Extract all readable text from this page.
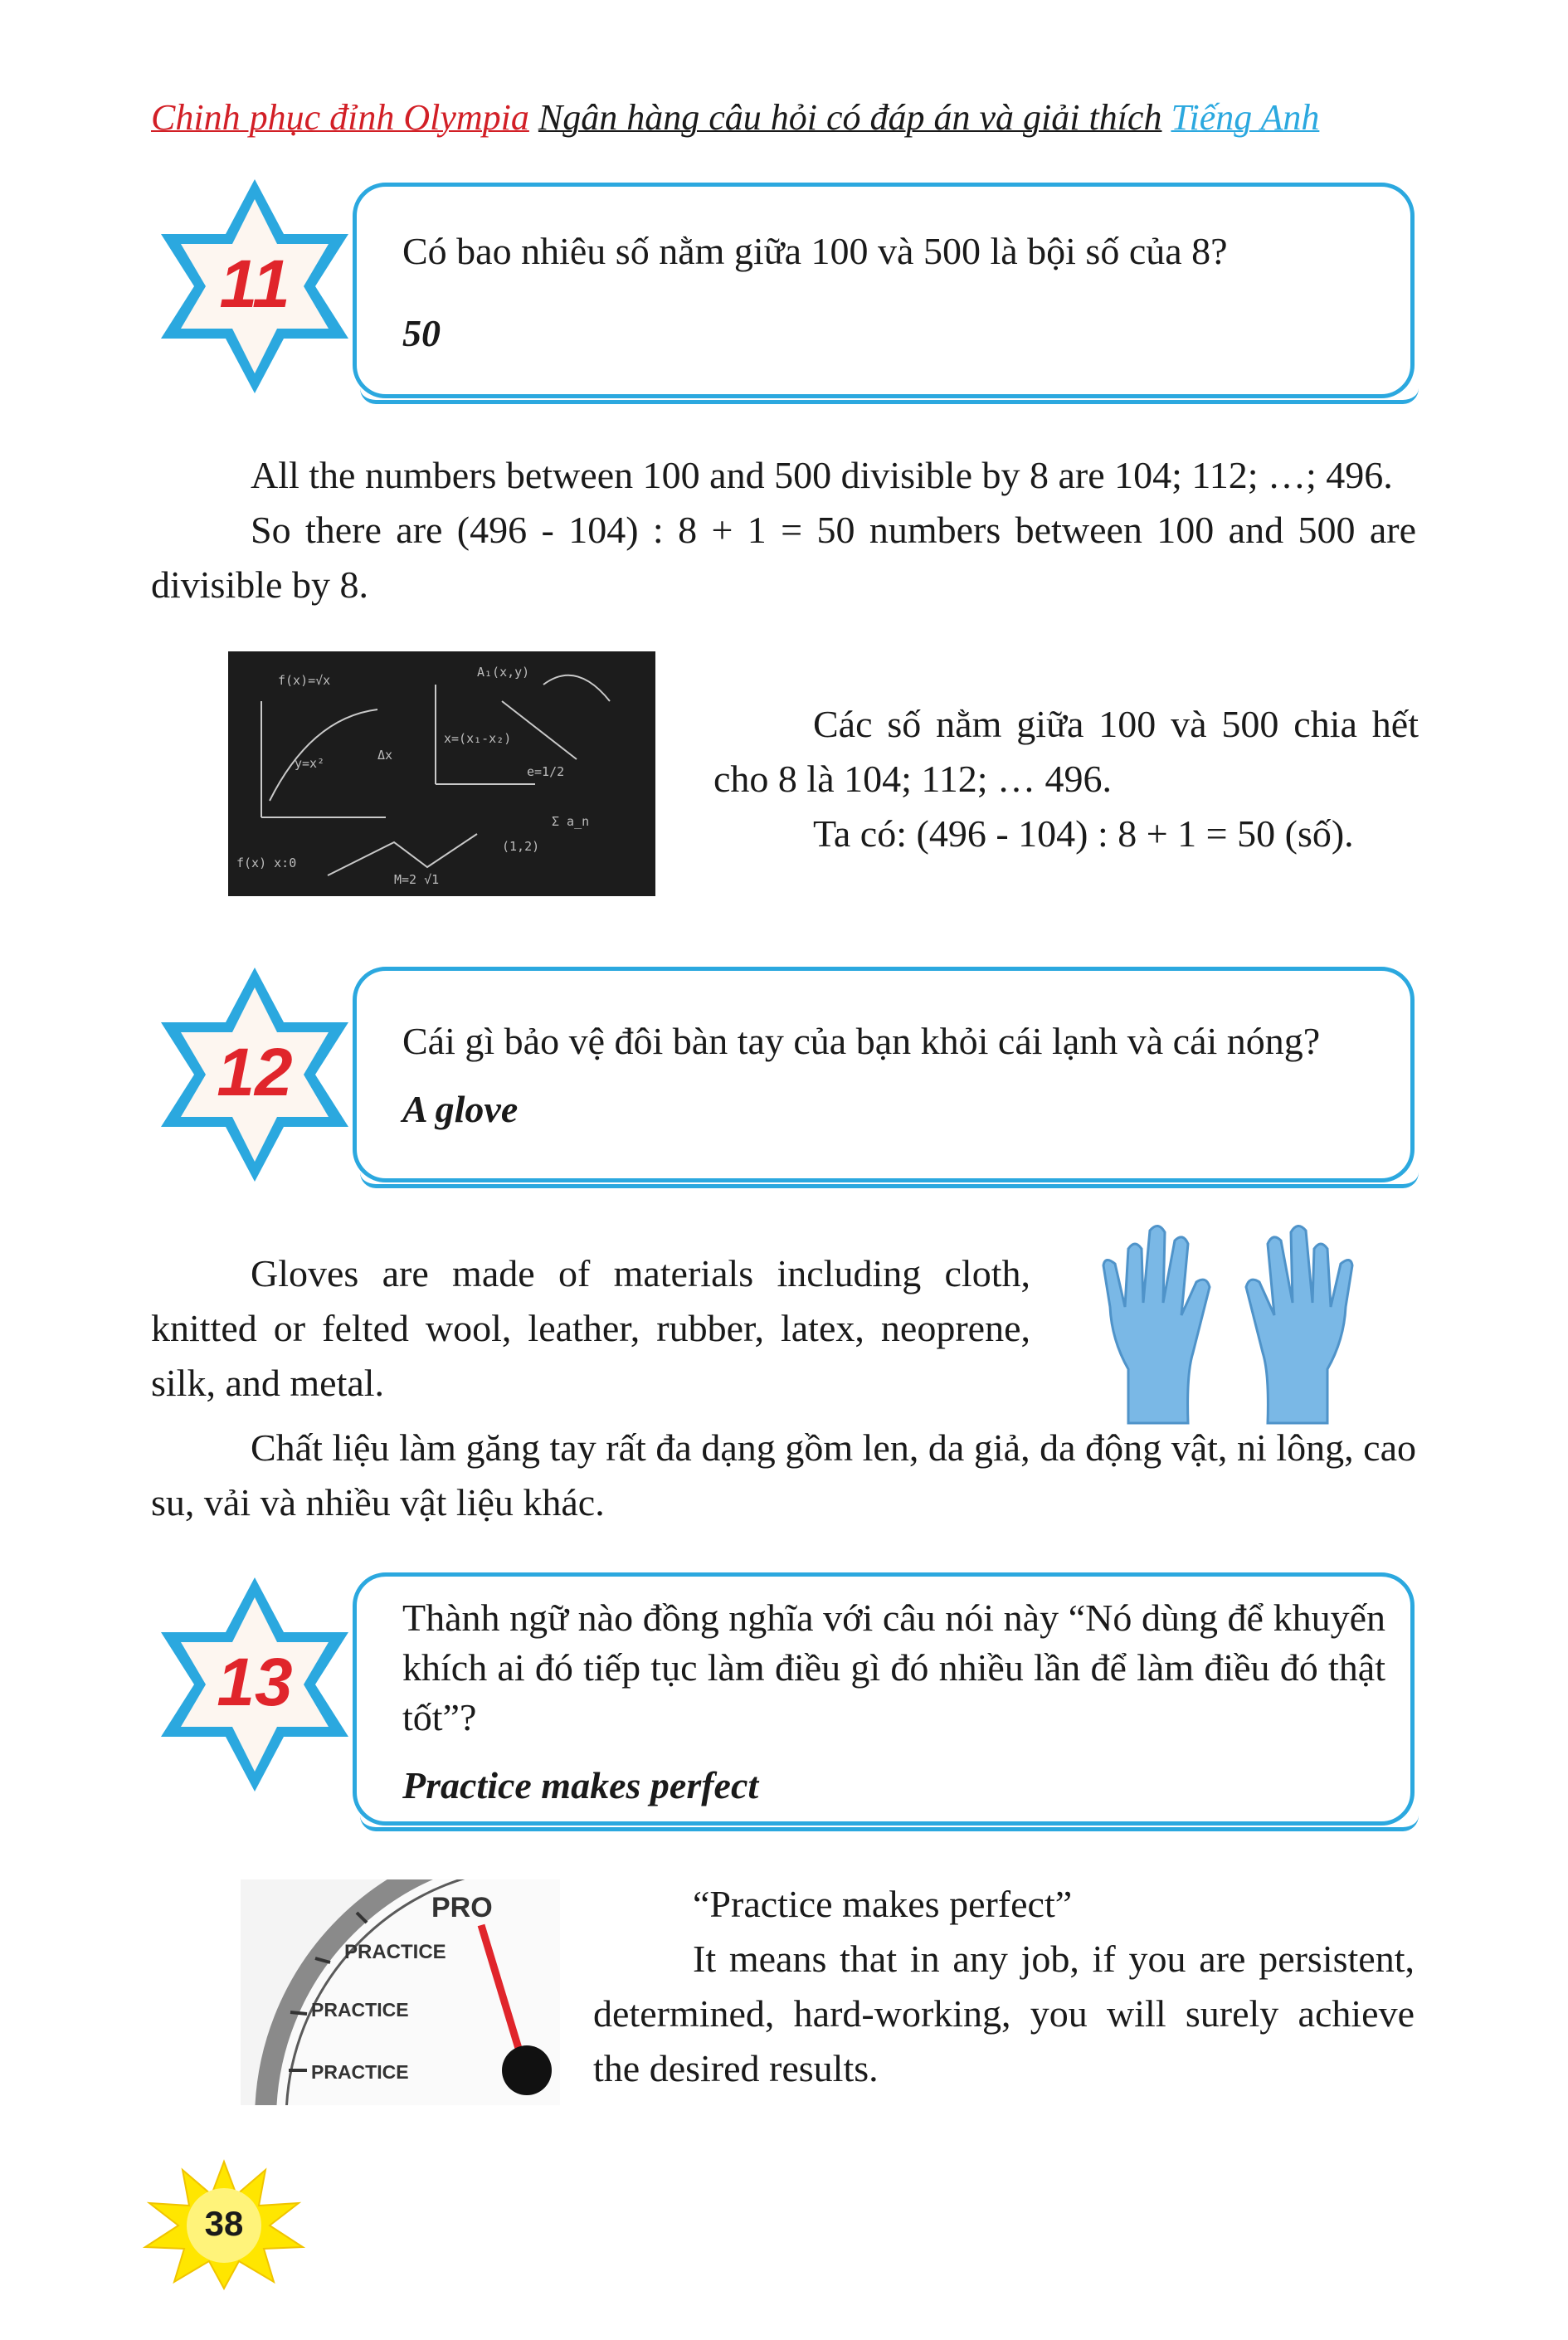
Chinh phục đỉnh Olympia Ngân hàng câu hỏi có đáp án và giải thích Tiếng Anh
11	Có bao nhiêu số nằm giữa 100 và 500 là bội số của 8?
50

All the numbers between 100 and 500 divisible by 8 are 104; 112; …; 496.

So there are (496 - 104) : 8 + 1 = 50 numbers between 100 and 500 are divisible by 8.

f(x)=√x
A₁(x,y)
x=(x₁-x₂)
e=1/2
f(x) x:0
M=2 √1
(1,2)
y=x²
Σ a_n
Δx

Các số nằm giữa 100 và 500 chia hết cho 8 là 104; 112; … 496.

Ta có: (496 - 104) : 8 + 1 = 50 (số).

12	Cái gì bảo vệ đôi bàn tay của bạn khỏi cái lạnh và cái nóng?
A glove

Gloves are made of materials including cloth, knitted or felted wool, leather, rubber, latex, neoprene, silk, and metal.

Chất liệu làm găng tay rất đa dạng gồm len, da giả, da động vật, ni lông, cao su, vải và nhiều vật liệu khác.

13
Thành ngữ nào đồng nghĩa với câu nói này “Nó dùng để khuyến khích ai đó tiếp tục làm điều gì đó nhiều lần để làm điều đó thật tốt”?
Practice makes perfect
PRO
PRACTICE
PRACTICE
PRACTICE

“Practice makes perfect”

It means that in any job, if you are persistent, determined, hard-working, you will surely achieve the desired results.

38
